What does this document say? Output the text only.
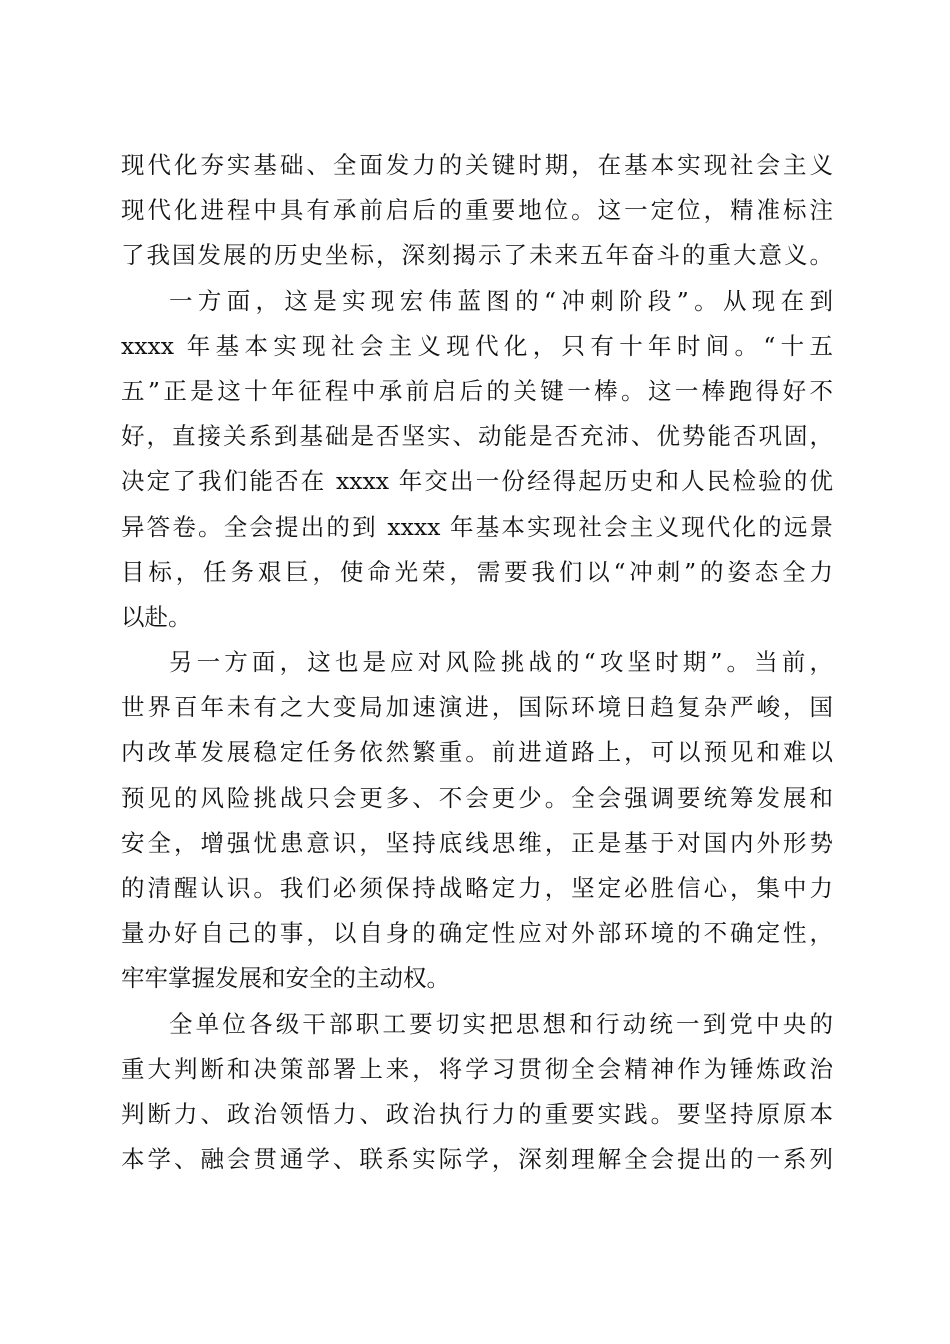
现代化夯实基础、全面发力的关键时期，在基本实现社会主义
现代化进程中具有承前启后的重要地位。这一定位，精准标注
了我国发展的历史坐标，深刻揭示了未来五年奋斗的重大意义。
一方面，这是实现宏伟蓝图的“冲刺阶段”。从现在到
xxxx 年基本实现社会主义现代化，只有十年时间。“十五
五”正是这十年征程中承前启后的关键一棒。这一棒跑得好不
好，直接关系到基础是否坚实、动能是否充沛、优势能否巩固，
决定了我们能否在 xxxx 年交出一份经得起历史和人民检验的优
异答卷。全会提出的到 xxxx 年基本实现社会主义现代化的远景
目标，任务艰巨，使命光荣，需要我们以“冲刺”的姿态全力
以赴。
另一方面，这也是应对风险挑战的“攻坚时期”。当前，
世界百年未有之大变局加速演进，国际环境日趋复杂严峻，国
内改革发展稳定任务依然繁重。前进道路上，可以预见和难以
预见的风险挑战只会更多、不会更少。全会强调要统筹发展和
安全，增强忧患意识，坚持底线思维，正是基于对国内外形势
的清醒认识。我们必须保持战略定力，坚定必胜信心，集中力
量办好自己的事，以自身的确定性应对外部环境的不确定性，
牢牢掌握发展和安全的主动权。
全单位各级干部职工要切实把思想和行动统一到党中央的
重大判断和决策部署上来，将学习贯彻全会精神作为锤炼政治
判断力、政治领悟力、政治执行力的重要实践。要坚持原原本
本学、融会贯通学、联系实际学，深刻理解全会提出的一系列
